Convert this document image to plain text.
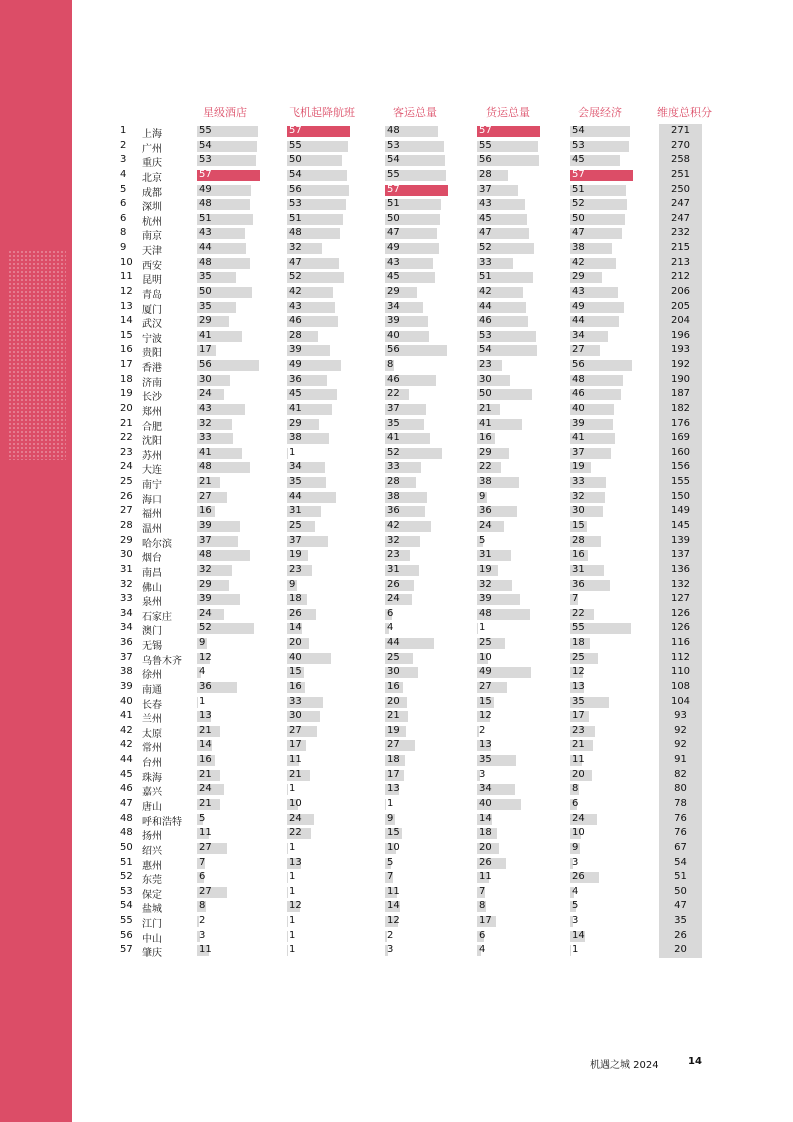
星级酒店	飞机起降航班	客运总量	货运总量	会展经济	维度总积分
1 上海	55	57	48	57	54	271
2 广州	54	55	53	55	53	270
3 重庆	53	50	54	56	45	258
4 北京	57	54	55	28	57	251
5 成都	49	56	57	37	51	250
6 深圳	48	53	51	43	52	247
6 杭州	51	51	50	45	50	247
8 南京	43	48	47	47	47	232
9 天津	44	32	49	52	38	215
10 西安	48	47	43	33	42	213
11 昆明	35	52	45	51	29	212
12 青岛	50	42	29	42	43	206
13 厦门	35	43	34	44	49	205
14 武汉	29	46	39	46	44	204
15 宁波	41	28	40	53	34	196
16 贵阳	17	39	56	54	27	193
17 香港	56	49	8	23	56	192
18 济南	30	36	46	30	48	190
19 长沙	24	45	22	50	46	187
20 郑州	43	41	37	21	40	182
21 合肥	32	29	35	41	39	176
22 沈阳	33	38	41	16	41	169
23 苏州	41	1	52	29	37	160
24 大连	48	34	33	22	19	156
25 南宁	21	35	28	38	33	155
26 海口	27	44	38	9	32	150
27 福州	16	31	36	36	30	149
28 温州	39	25	42	24	15	145
29 哈尔滨	37	37	32	5	28	139
30 烟台	48	19	23	31	16	137
31 南昌	32	23	31	19	31	136
32 佛山	29	9	26	32	36	132
33 泉州	39	18	24	39	7	127
34 石家庄	24	26	6	48	22	126
34 澳门	52	14	4	1	55	126
36 无锡	9	20	44	25	18	116
37 乌鲁木齐 12	40	25	10	25	112
38 徐州	4	15	30	49	12	110
39 南通	36	16	16	27	13	108
40 长春	1	33	20	15	35	104
41 兰州	13	30	21	12	17	93
42 太原	21	27	19	2	23	92
42 常州	14	17	27	13	21	92
44 台州	16	11	18	35	11	91
45 珠海	21	21	17	3	20	82
46 嘉兴	24	1	13	34	8	80
47 唐山	21	10	1	40	6	78
48 呼和浩特 5	24	9	14	24	76
48 扬州	11	22	15	18	10	76
50 绍兴	27	1	10	20	9	67
51 惠州	7	13	5	26	3	54
52 东莞	6	1	7	11	26	51
53 保定	27	1	11	7	4	50
54 盐城	8	12	14	8	5	47
55 江门	2	1	12	17	3	35
56 中山	3	1	2	6	14	26
57 肇庆	11	1	3	4	1	20
机遇之城 2024	14
